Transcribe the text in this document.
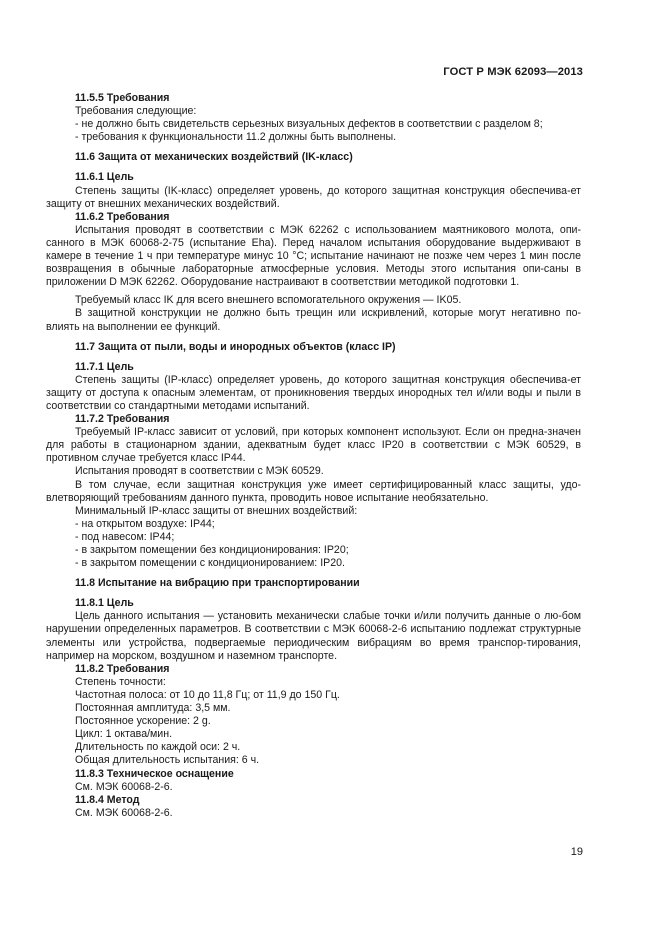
ГОСТ Р МЭК 62093—2013

11.5.5 Требования

Требования следующие:

- не должно быть свидетельств серьезных визуальных дефектов в соответствии с разделом 8;

- требования к функциональности 11.2 должны быть выполнены.

11.6 Защита от механических воздействий (IK-класс)

11.6.1 Цель

Степень защиты (IK-класс) определяет уровень, до которого защитная конструкция обеспечива-ет защиту от внешних механических воздействий.

11.6.2 Требования

Испытания проводят в соответствии с МЭК 62262 с использованием маятникового молота, опи-санного в МЭК 60068-2-75 (испытание Eha). Перед началом испытания оборудование выдерживают в камере в течение 1 ч при температуре минус 10 °С; испытание начинают не позже чем через 1 мин после возвращения в обычные лабораторные атмосферные условия. Методы этого испытания опи-саны в приложении D МЭК 62262. Оборудование настраивают в соответствии методикой подготовки 1.

Требуемый класс IK для всего внешнего вспомогательного окружения — IK05.

В защитной конструкции не должно быть трещин или искривлений, которые могут негативно по-влиять на выполнении ее функций.

11.7 Защита от пыли, воды и инородных объектов (класс IP)

11.7.1 Цель

Степень защиты (IP-класс) определяет уровень, до которого защитная конструкция обеспечива-ет защиту от доступа к опасным элементам, от проникновения твердых инородных тел и/или воды и пыли в соответствии со стандартными методами испытаний.

11.7.2 Требования

Требуемый IP-класс зависит от условий, при которых компонент используют. Если он предна-значен для работы в стационарном здании, адекватным будет класс IP20 в соответствии с МЭК 60529, в противном случае требуется класс IP44.

Испытания проводят в соответствии с МЭК 60529.

В том случае, если защитная конструкция уже имеет сертифицированный класс защиты, удо-влетворяющий требованиям данного пункта, проводить новое испытание необязательно.

Минимальный IP-класс защиты от внешних воздействий:

- на открытом воздухе: IP44;

- под навесом: IP44;

- в закрытом помещении без кондиционирования: IP20;

- в закрытом помещении с кондиционированием: IP20.

11.8 Испытание на вибрацию при транспортировании

11.8.1 Цель

Цель данного испытания — установить механически слабые точки и/или получить данные о лю-бом нарушении определенных параметров. В соответствии с МЭК 60068-2-6 испытанию подлежат структурные элементы или устройства, подвергаемые периодическим вибрациям во время транспор-тирования, например на морском, воздушном и наземном транспорте.

11.8.2 Требования

Степень точности:

Частотная полоса: от 10 до 11,8 Гц; от 11,9 до 150 Гц.

Постоянная амплитуда: 3,5 мм.

Постоянное ускорение: 2 g.

Цикл: 1 октава/мин.

Длительность по каждой оси: 2 ч.

Общая длительность испытания: 6 ч.

11.8.3 Техническое оснащение

См. МЭК 60068-2-6.

11.8.4 Метод

См. МЭК 60068-2-6.

19
